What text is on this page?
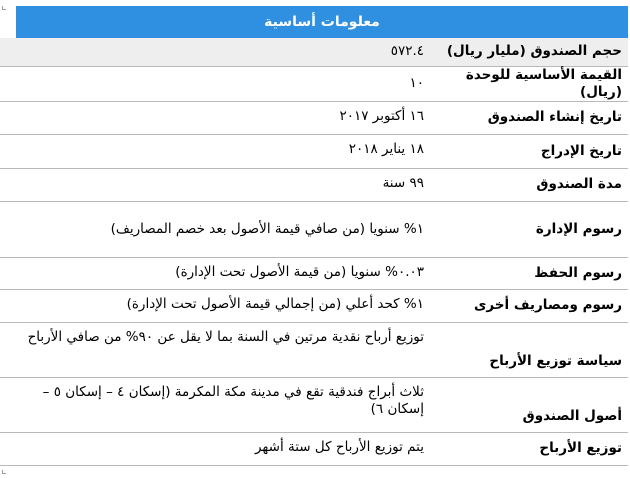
معلومات أساسية
حجم الصندوق (مليار ريال)	٥٧٢.٤
القيمة الأساسية للوحدة (ريال)	١٠
تاريخ إنشاء الصندوق	١٦ أكتوبر ٢٠١٧
تاريخ الإدراج	١٨ يناير ٢٠١٨
مدة الصندوق	٩٩ سنة
رسوم الإدارة	١% سنويا (من صافي قيمة الأصول بعد خصم المصاريف)
رسوم الحفظ	٠.٠٣% سنويا (من قيمة الأصول تحت الإدارة)
رسوم ومصاريف أخرى	١% كحد أعلي (من إجمالي قيمة الأصول تحت الإدارة)
سياسة توزيع الأرباح	توزيع أرباح نقدية مرتين في السنة بما لا يقل عن ٩٠% من صافي الأرباح
أصول الصندوق	ثلاث أبراج فندقية تقع في مدينة مكة المكرمة (إسكان ٤ – إسكان ٥ – إسكان ٦)
توزيع الأرباح	يتم توزيع الأرباح كل ستة أشهر
